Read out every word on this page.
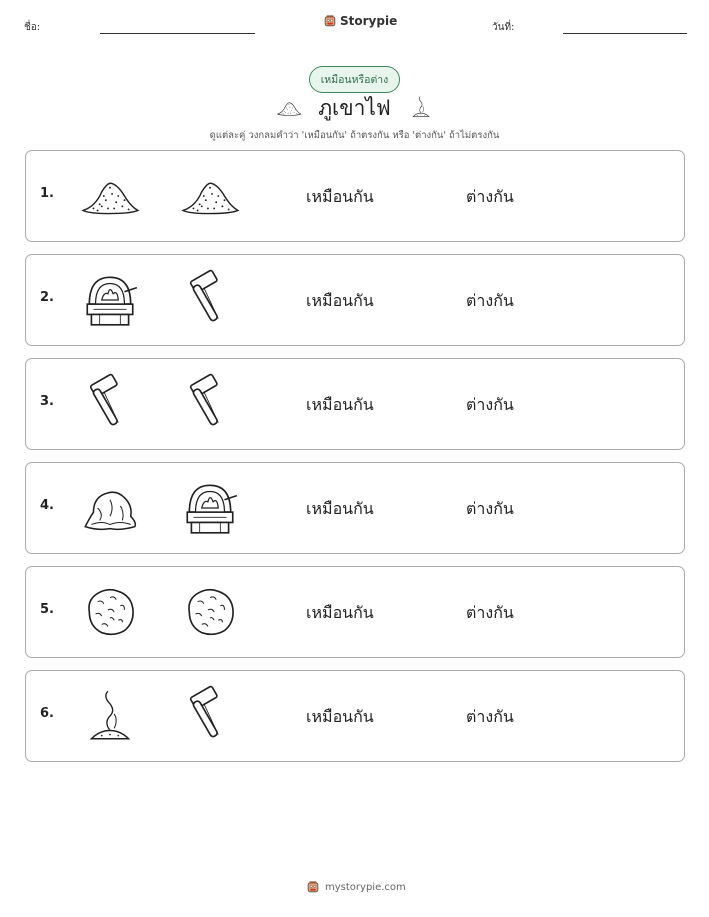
ชื่อ:	Storypie	วันที่:
เหมือนหรือต่าง
ภูเขาไฟ
ดูแต่ละคู่ วงกลมคำว่า 'เหมือนกัน' ถ้าตรงกัน หรือ 'ต่างกัน' ถ้าไม่ตรงกัน
1.	เหมือนกัน	ต่างกัน
2.	เหมือนกัน	ต่างกัน
3.	เหมือนกัน	ต่างกัน
4.	เหมือนกัน	ต่างกัน
5.	เหมือนกัน	ต่างกัน
6.	เหมือนกัน	ต่างกัน
mystorypie.com
